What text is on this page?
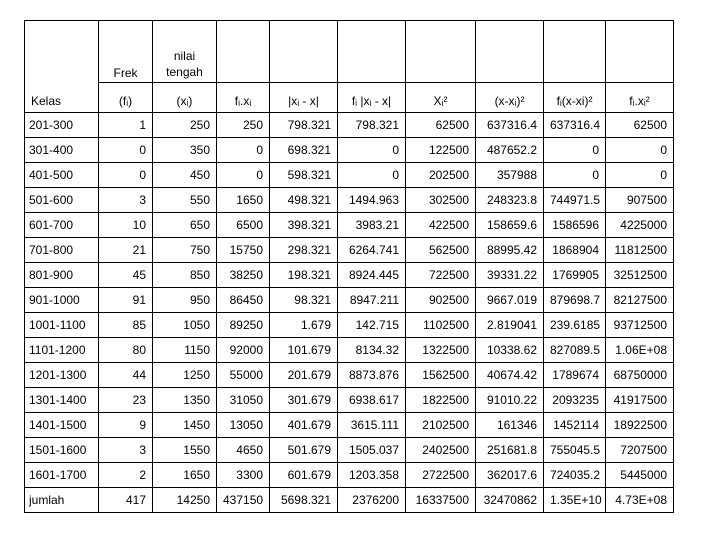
	Frek	nilai tengah							
Kelas	(fᵢ)	(xᵢ)	fᵢ.xᵢ	|xᵢ - x|	fᵢ |xᵢ - x|	Xᵢ²	(x-xᵢ)²	fᵢ(x-xi)²	fᵢ.xᵢ²
201-300	1	250	250	798.321	798.321	62500	637316.4	637316.4	62500
301-400	0	350	0	698.321	0	122500	487652.2	0	0
401-500	0	450	0	598.321	0	202500	357988	0	0
501-600	3	550	1650	498.321	1494.963	302500	248323.8	744971.5	907500
601-700	10	650	6500	398.321	3983.21	422500	158659.6	1586596	4225000
701-800	21	750	15750	298.321	6264.741	562500	88995.42	1868904	11812500
801-900	45	850	38250	198.321	8924.445	722500	39331.22	1769905	32512500
901-1000	91	950	86450	98.321	8947.211	902500	9667.019	879698.7	82127500
1001-1100	85	1050	89250	1.679	142.715	1102500	2.819041	239.6185	93712500
1101-1200	80	1150	92000	101.679	8134.32	1322500	10338.62	827089.5	1.06E+08
1201-1300	44	1250	55000	201.679	8873.876	1562500	40674.42	1789674	68750000
1301-1400	23	1350	31050	301.679	6938.617	1822500	91010.22	2093235	41917500
1401-1500	9	1450	13050	401.679	3615.111	2102500	161346	1452114	18922500
1501-1600	3	1550	4650	501.679	1505.037	2402500	251681.8	755045.5	7207500
1601-1700	2	1650	3300	601.679	1203.358	2722500	362017.6	724035.2	5445000
jumlah	417	14250	437150	5698.321	2376200	16337500	32470862	1.35E+10	4.73E+08
